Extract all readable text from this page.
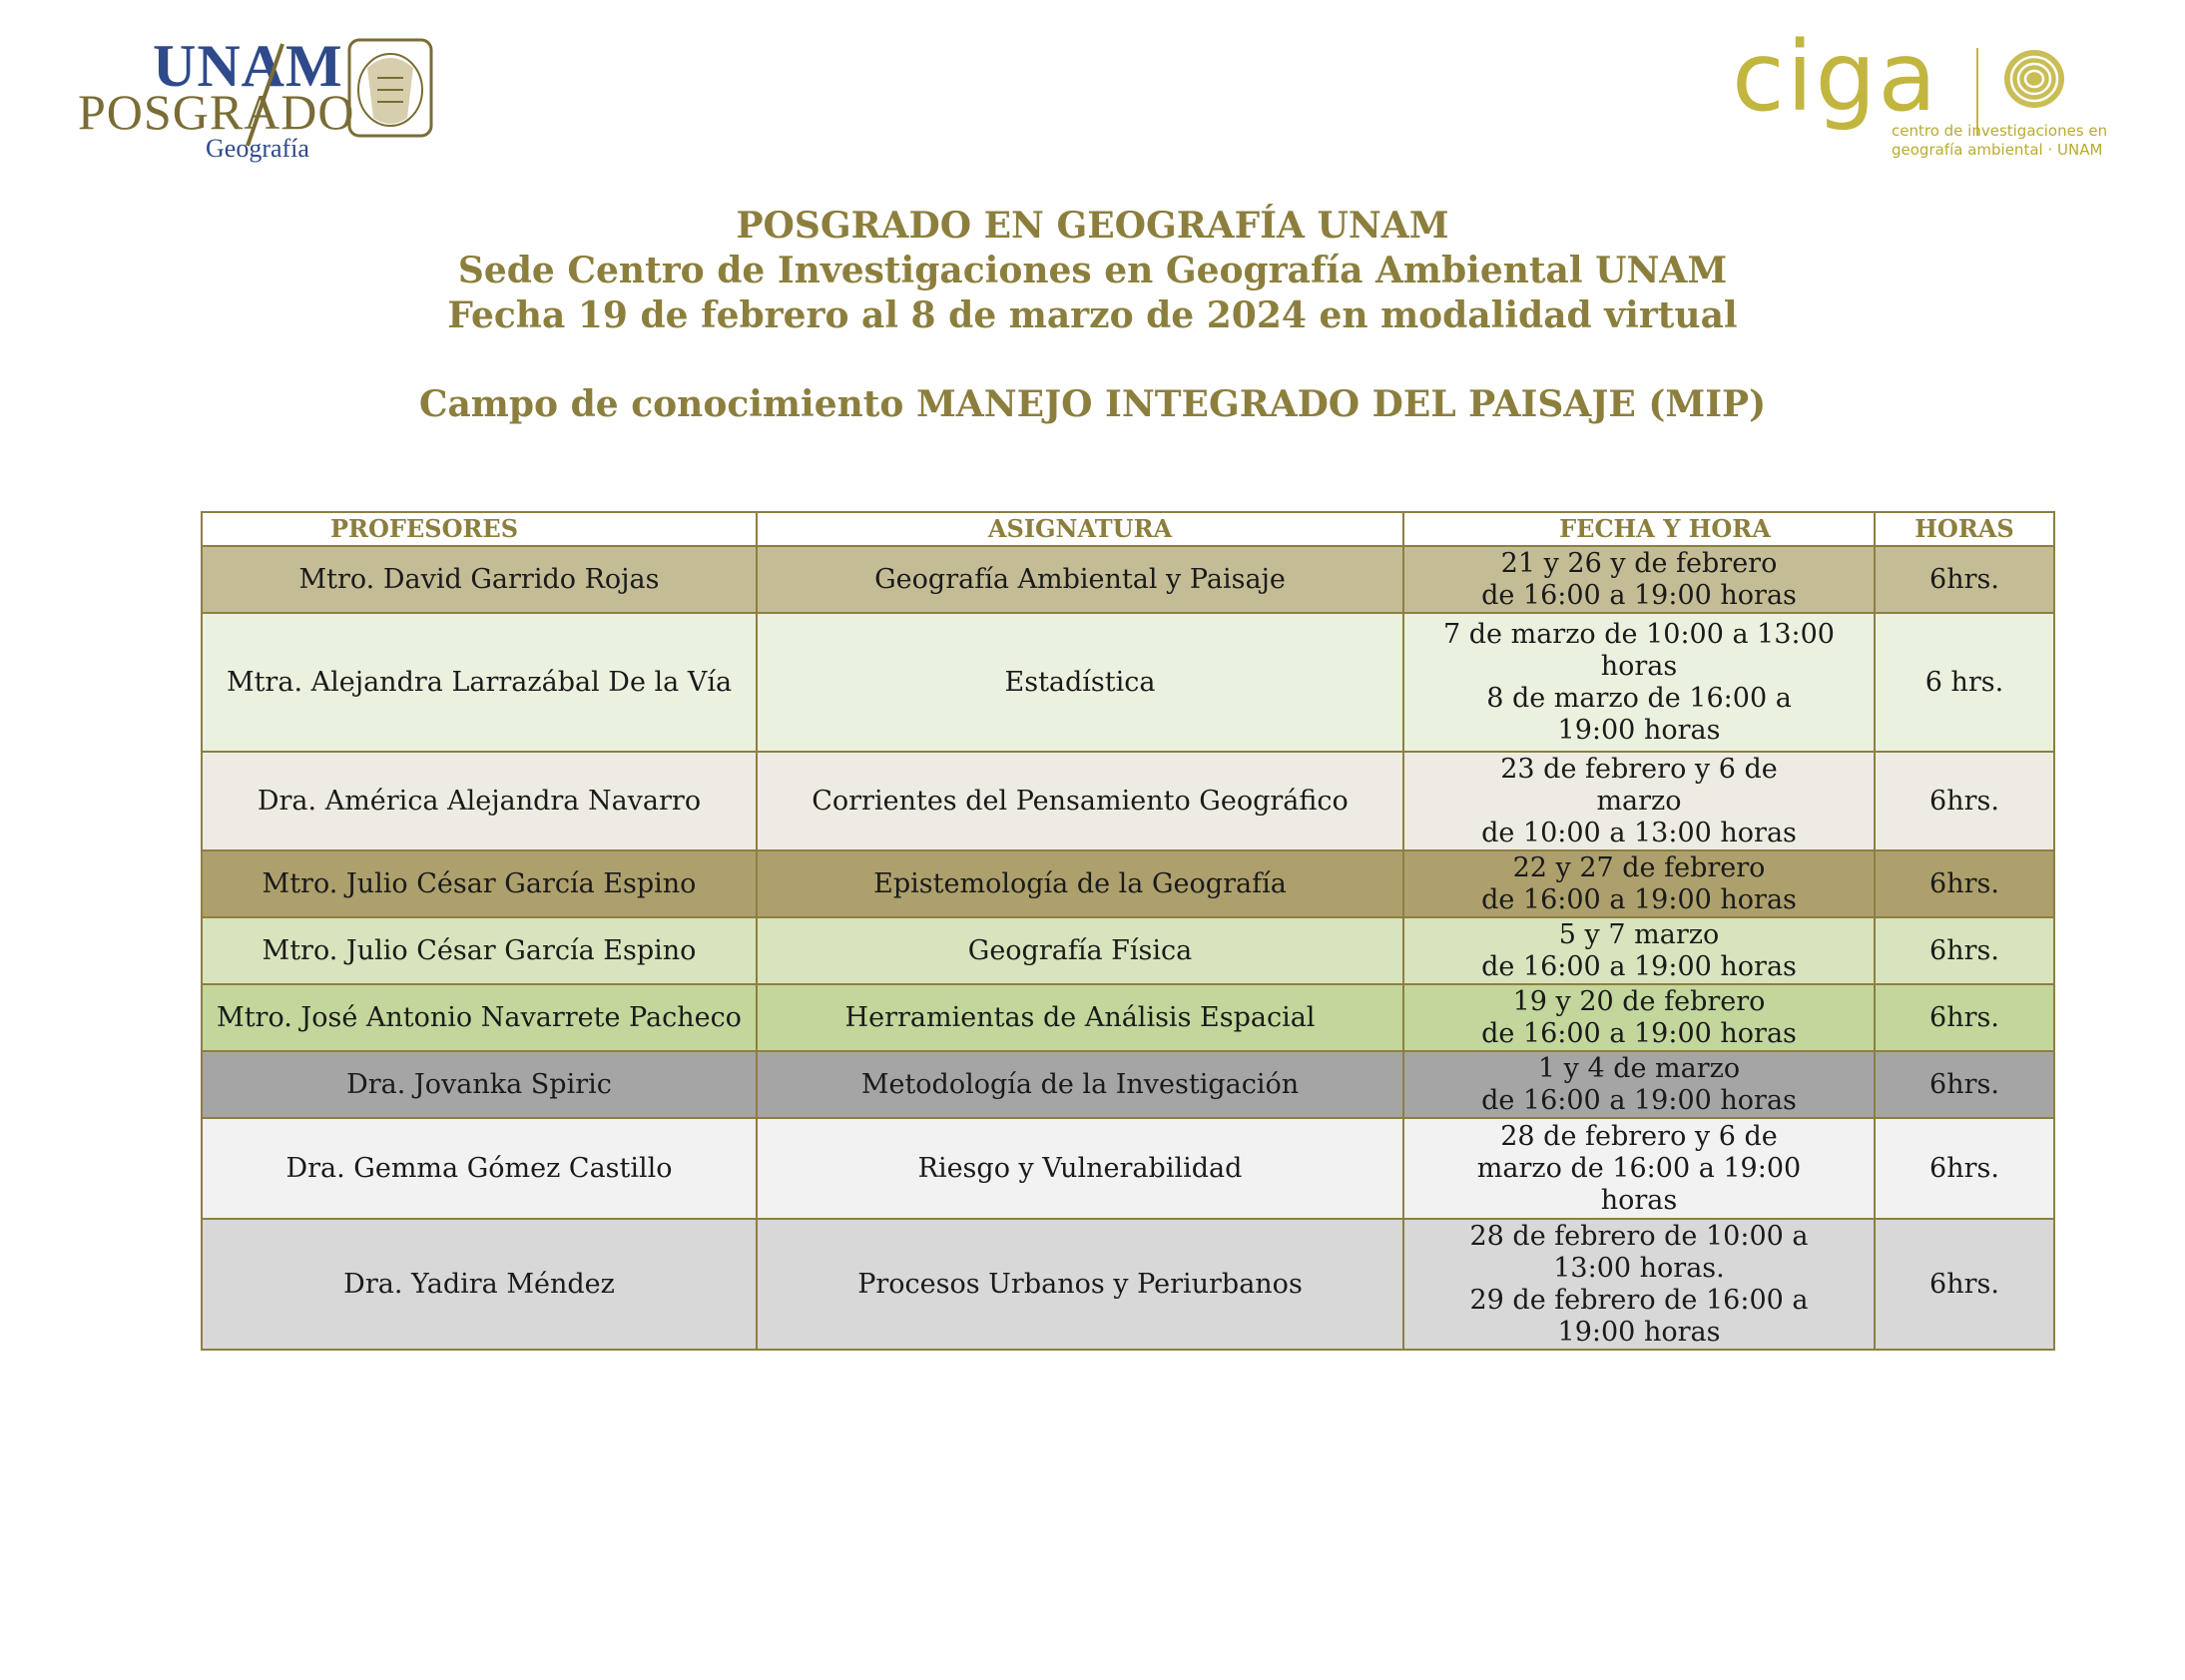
UNAM

POSGRADO

Geografía

ciga

centro de investigaciones en
geografía ambiental · UNAM

POSGRADO EN GEOGRAFÍA UNAM

Sede Centro de Investigaciones en Geografía Ambiental UNAM

Fecha 19 de febrero al 8 de marzo de 2024 en modalidad virtual

Campo de conocimiento MANEJO INTEGRADO DEL PAISAJE (MIP)

PROFESORES	ASIGNATURA	FECHA Y HORA	HORAS
Mtro. David Garrido Rojas	Geografía Ambiental y Paisaje	21 y 26 y de febrero
de 16:00 a 19:00 horas	6hrs.
Mtra. Alejandra Larrazábal De la Vía	Estadística	7 de marzo de 10:00 a 13:00
horas
8 de marzo de 16:00 a
19:00 horas	6 hrs.
Dra. América Alejandra Navarro	Corrientes del Pensamiento Geográfico	23 de febrero y 6 de
marzo
de 10:00 a 13:00 horas	6hrs.
Mtro. Julio César García Espino	Epistemología de la Geografía	22 y 27 de febrero
de 16:00 a 19:00 horas	6hrs.
Mtro. Julio César García Espino	Geografía Física	5 y 7 marzo
de 16:00 a 19:00 horas	6hrs.
Mtro. José Antonio Navarrete Pacheco	Herramientas de Análisis Espacial	19 y 20 de febrero
de 16:00 a 19:00 horas	6hrs.
Dra. Jovanka Spiric	Metodología de la Investigación	1 y 4 de marzo
de 16:00 a 19:00 horas	6hrs.
Dra. Gemma Gómez Castillo	Riesgo y Vulnerabilidad	28 de febrero y 6 de
marzo de 16:00 a 19:00
horas	6hrs.
Dra. Yadira Méndez	Procesos Urbanos y Periurbanos	28 de febrero de 10:00 a
13:00 horas.
29 de febrero de 16:00 a
19:00 horas	6hrs.
